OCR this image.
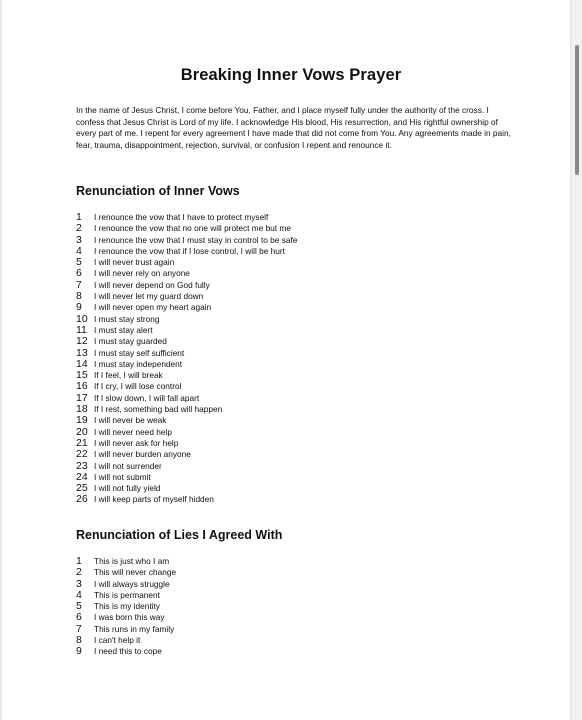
Breaking Inner Vows Prayer
In the name of Jesus Christ, I come before You, Father, and I place myself fully under the authority of the cross. I confess that Jesus Christ is Lord of my life. I acknowledge His blood, His resurrection, and His rightful ownership of every part of me. I repent for every agreement I have made that did not come from You. Any agreements made in pain, fear, trauma, disappointment, rejection, survival, or confusion I repent and renounce it.
Renunciation of Inner Vows
1 $^{I renounce the vow that I have to protect myself}$
2 $^{I renounce the vow that no one will protect me but me}$
3 $^{I renounce the vow that I must stay in control to be safe}$
4 $^{I renounce the vow that if I lose control, I will be hurt}$
5 $^{I will never trust again}$
6 $^{I will never rely on anyone}$
7 $^{I will never depend on God fully}$
8 $^{I will never let my guard down}$
9 $^{I will never open my heart again}$
10 $^{I must stay strong}$
11 $^{I must stay alert}$
12 $^{I must stay guarded}$
13 $^{I must stay self sufficient}$
14 $^{I must stay independent}$
15 $^{If I feel, I will break}$
16 $^{If I cry, I will lose control}$
17 $^{If I slow down, I will fall apart}$
18 $^{If I rest, something bad will happen}$
19 $^{I will never be weak}$
20 $^{I will never need help}$
21 $^{I will never ask for help}$
22 $^{I will never burden anyone}$
23 $^{I will not surrender}$
24 $^{I will not submit}$
25 $^{I will not fully yield}$
26 $^{I will keep parts of myself hidden}$
Renunciation of Lies I Agreed With
1 $^{This is just who I am}$
2 $^{This will never change}$
3 $^{I will always struggle}$
4 $^{This is permanent}$
5 $^{This is my identity}$
6 $^{I was born this way}$
7 $^{This runs in my family}$
8 $^{I can't help it}$
9 $^{I need this to cope}$
